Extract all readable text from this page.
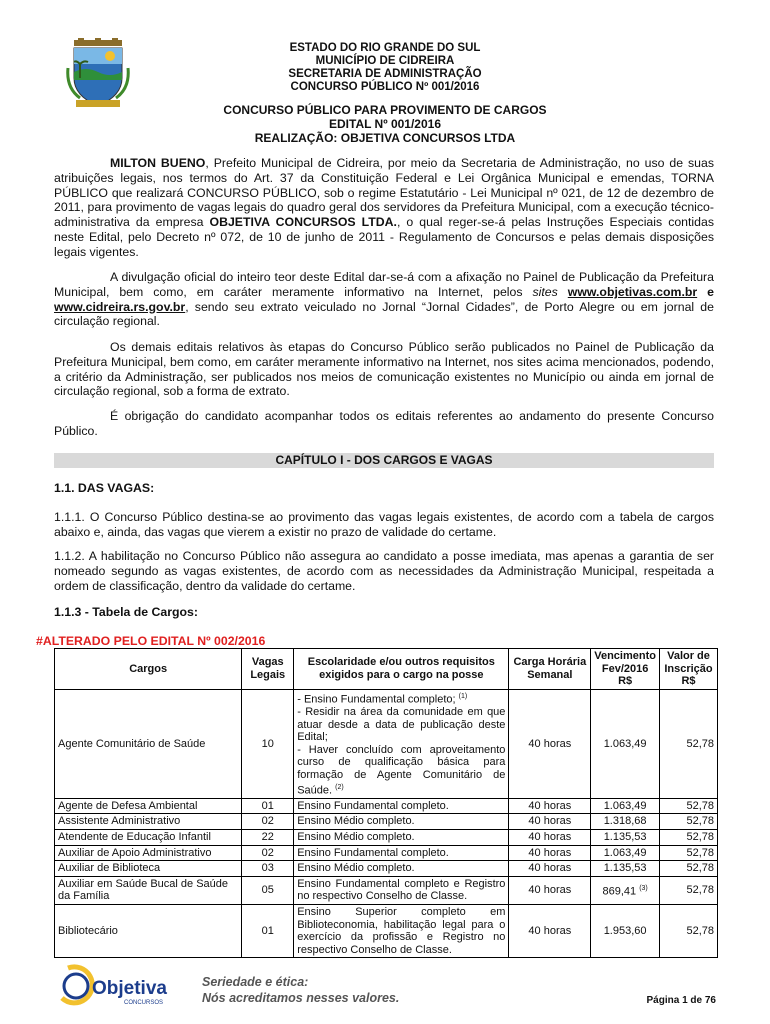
ESTADO DO RIO GRANDE DO SUL
MUNICÍPIO DE CIDREIRA
SECRETARIA DE ADMINISTRAÇÃO
CONCURSO PÚBLICO Nº 001/2016
CONCURSO PÚBLICO PARA PROVIMENTO DE CARGOS
EDITAL Nº 001/2016
REALIZAÇÃO: OBJETIVA CONCURSOS LTDA

MILTON BUENO, Prefeito Municipal de Cidreira, por meio da Secretaria de Administração, no uso de suas atribuições legais, nos termos do Art. 37 da Constituição Federal e Lei Orgânica Municipal e emendas, TORNA PÚBLICO que realizará CONCURSO PÚBLICO, sob o regime Estatutário - Lei Municipal nº 021, de 12 de dezembro de 2011, para provimento de vagas legais do quadro geral dos servidores da Prefeitura Municipal, com a execução técnico-administrativa da empresa OBJETIVA CONCURSOS LTDA., o qual reger-se-á pelas Instruções Especiais contidas neste Edital, pelo Decreto nº 072, de 10 de junho de 2011 - Regulamento de Concursos e pelas demais disposições legais vigentes.

A divulgação oficial do inteiro teor deste Edital dar-se-á com a afixação no Painel de Publicação da Prefeitura Municipal, bem como, em caráter meramente informativo na Internet, pelos sites www.objetivas.com.br e www.cidreira.rs.gov.br, sendo seu extrato veiculado no Jornal “Jornal Cidades”, de Porto Alegre ou em jornal de circulação regional.

Os demais editais relativos às etapas do Concurso Público serão publicados no Painel de Publicação da Prefeitura Municipal, bem como, em caráter meramente informativo na Internet, nos sites acima mencionados, podendo, a critério da Administração, ser publicados nos meios de comunicação existentes no Município ou ainda em jornal de circulação regional, sob a forma de extrato.

É obrigação do candidato acompanhar todos os editais referentes ao andamento do presente Concurso Público.

CAPÍTULO I - DOS CARGOS E VAGAS
1.1. DAS VAGAS:

1.1.1. O Concurso Público destina-se ao provimento das vagas legais existentes, de acordo com a tabela de cargos abaixo e, ainda, das vagas que vierem a existir no prazo de validade do certame.

1.1.2. A habilitação no Concurso Público não assegura ao candidato a posse imediata, mas apenas a garantia de ser nomeado segundo as vagas existentes, de acordo com as necessidades da Administração Municipal, respeitada a ordem de classificação, dentro da validade do certame.

1.1.3 - Tabela de Cargos:
#ALTERADO PELO EDITAL Nº 002/2016
Cargos	Vagas Legais	Escolaridade e/ou outros requisitos exigidos para o cargo na posse	Carga Horária Semanal	Vencimento Fev/2016 R$	Valor de Inscrição R$
Agente Comunitário de Saúde	10	- Ensino Fundamental completo; $^{(1)}$
- Residir na área da comunidade em que atuar desde a data de publicação deste Edital;
- Haver concluído com aproveitamento curso de qualificação básica para formação de Agente Comunitário de Saúde. $^{(2)}$	40 horas	1.063,49	52,78
Agente de Defesa Ambiental	01	Ensino Fundamental completo.	40 horas	1.063,49	52,78
Assistente Administrativo	02	Ensino Médio completo.	40 horas	1.318,68	52,78
Atendente de Educação Infantil	22	Ensino Médio completo.	40 horas	1.135,53	52,78
Auxiliar de Apoio Administrativo	02	Ensino Fundamental completo.	40 horas	1.063,49	52,78
Auxiliar de Biblioteca	03	Ensino Médio completo.	40 horas	1.135,53	52,78
Auxiliar em Saúde Bucal de Saúde da Família	05	Ensino Fundamental completo e Registro no respectivo Conselho de Classe.	40 horas	869,41 $^{(3)}$	52,78
Bibliotecário	01	Ensino Superior completo em Biblioteconomia, habilitação legal para o exercício da profissão e Registro no respectivo Conselho de Classe.	40 horas	1.953,60	52,78
Objetiva
CONCURSOS
Seriedade e ética:
Nós acreditamos nesses valores.	Página 1 de 76
